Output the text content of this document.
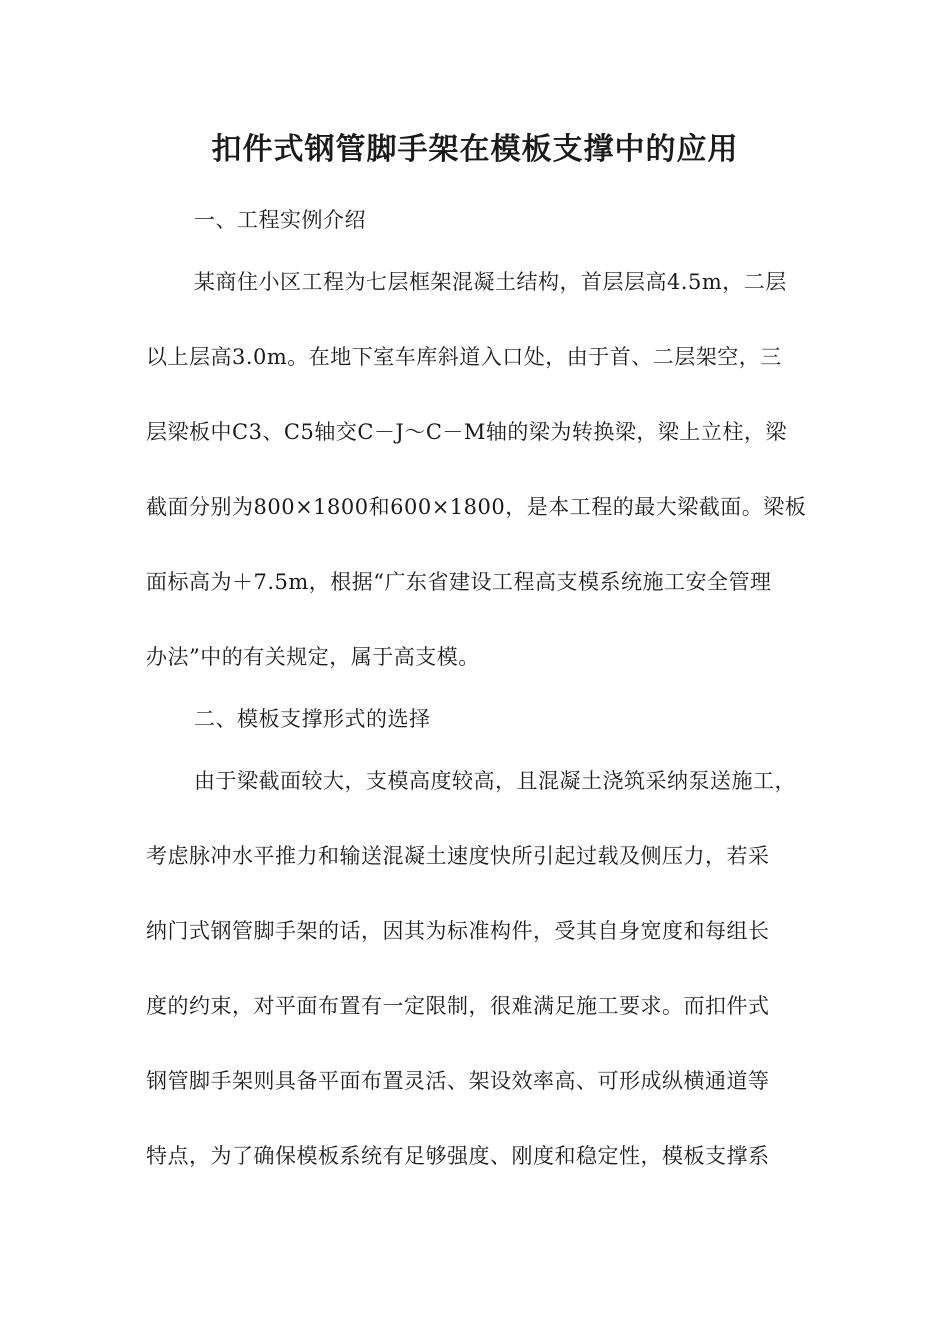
扣件式钢管脚手架在模板支撑中的应用

一、工程实例介绍

某商住小区工程为七层框架混凝土结构，首层层高4.5m，二层

以上层高3.0m。在地下室车库斜道入口处，由于首、二层架空，三

层梁板中C3、C5轴交C－J～C－M轴的梁为转换梁，梁上立柱，梁

截面分别为800×1800和600×1800，是本工程的最大梁截面。梁板

面标高为＋7.5m，根据“广东省建设工程高支模系统施工安全管理

办法”中的有关规定，属于高支模。

二、模板支撑形式的选择

由于梁截面较大，支模高度较高，且混凝土浇筑采纳泵送施工，

考虑脉冲水平推力和输送混凝土速度快所引起过载及侧压力，若采

纳门式钢管脚手架的话，因其为标准构件，受其自身宽度和每组长

度的约束，对平面布置有一定限制，很难满足施工要求。而扣件式

钢管脚手架则具备平面布置灵活、架设效率高、可形成纵横通道等

特点，为了确保模板系统有足够强度、刚度和稳定性，模板支撑系
